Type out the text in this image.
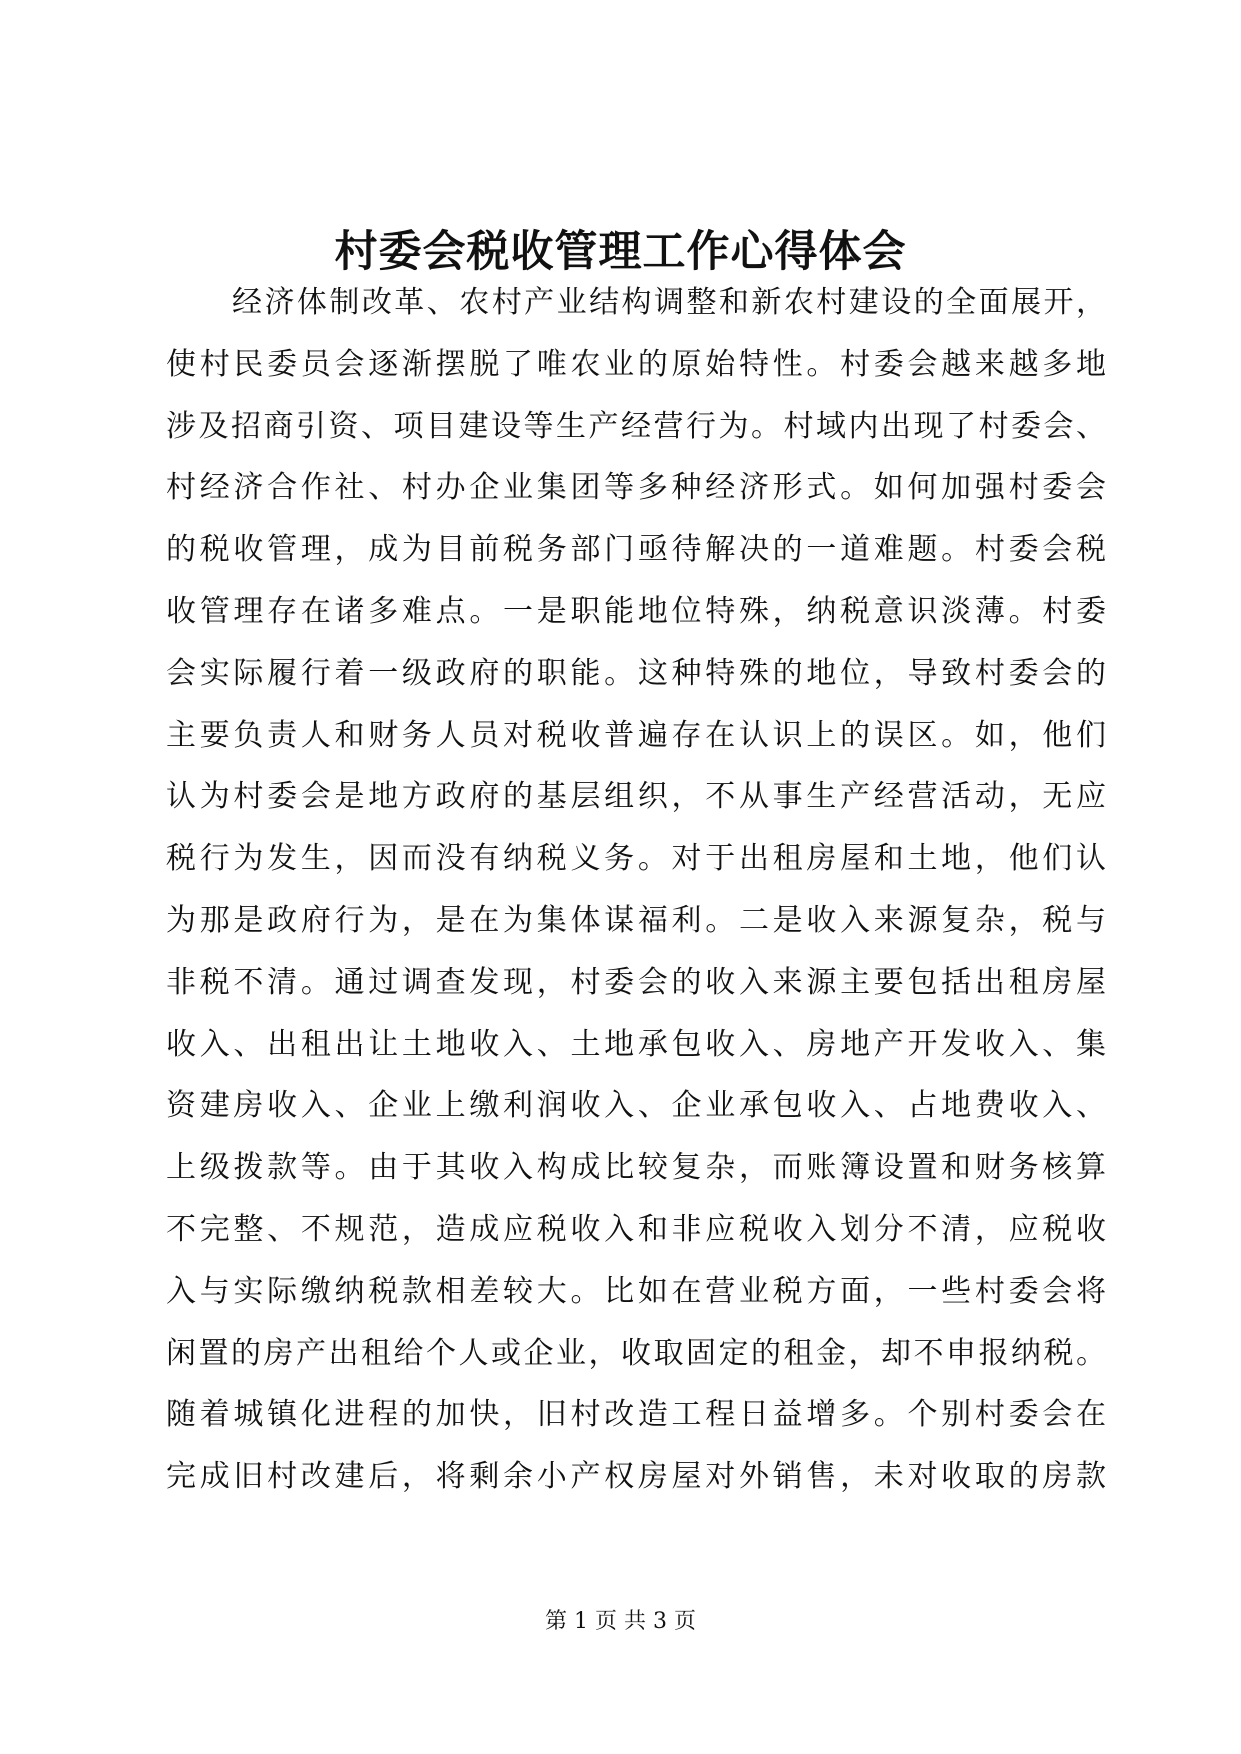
村委会税收管理工作心得体会
经济体制改革、农村产业结构调整和新农村建设的全面展开，
使村民委员会逐渐摆脱了唯农业的原始特性。村委会越来越多地
涉及招商引资、项目建设等生产经营行为。村域内出现了村委会、
村经济合作社、村办企业集团等多种经济形式。如何加强村委会
的税收管理，成为目前税务部门亟待解决的一道难题。村委会税
收管理存在诸多难点。一是职能地位特殊，纳税意识淡薄。村委
会实际履行着一级政府的职能。这种特殊的地位，导致村委会的
主要负责人和财务人员对税收普遍存在认识上的误区。如，他们
认为村委会是地方政府的基层组织，不从事生产经营活动，无应
税行为发生，因而没有纳税义务。对于出租房屋和土地，他们认
为那是政府行为，是在为集体谋福利。二是收入来源复杂，税与
非税不清。通过调查发现，村委会的收入来源主要包括出租房屋
收入、出租出让土地收入、土地承包收入、房地产开发收入、集
资建房收入、企业上缴利润收入、企业承包收入、占地费收入、
上级拨款等。由于其收入构成比较复杂，而账簿设置和财务核算
不完整、不规范，造成应税收入和非应税收入划分不清，应税收
入与实际缴纳税款相差较大。比如在营业税方面，一些村委会将
闲置的房产出租给个人或企业，收取固定的租金，却不申报纳税。
随着城镇化进程的加快，旧村改造工程日益增多。个别村委会在
完成旧村改建后，将剩余小产权房屋对外销售，未对收取的房款
第 1 页 共 3 页
